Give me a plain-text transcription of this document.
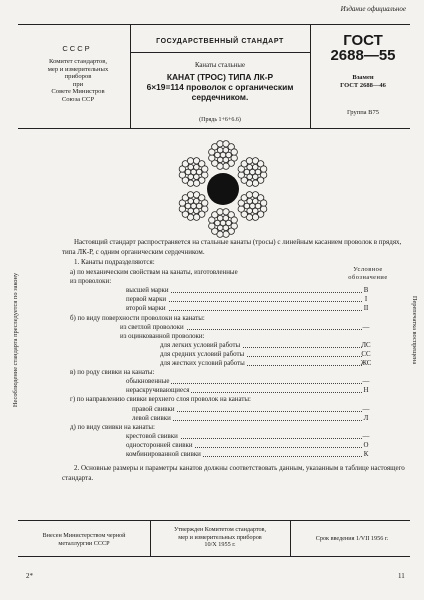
Издание официальное
СССР
Комитет стандартов,
мер и измерительных
приборов
при
Совете Министров
Союза ССР
ГОСУДАРСТВЕННЫЙ СТАНДАРТ
Канаты стальные
КАНАТ (ТРОС) ТИПА ЛК-Р
6×19=114 проволок с органическим
сердечником.
(Прядь 1+6+6.6)
ГОСТ
2688—55
Взамен
ГОСТ 2688—46
Группа В75
Несоблюдение стандарта преследуется по закону	Перепечатка воспрещена
Настоящий стандарт распространяется на стальные канаты (тросы) с линейным касанием проволок в прядях, типа ЛК-Р, с одним органическим сердечником.
1. Канаты подразделяются:
Условное
обозначение
а) по механическим свойствам на канаты, изготовленные
из проволоки:
высшей марки	В
первой марки	I
второй марки	II
б) по виду поверхности проволоки на канаты:
из светлой проволоки	—
из оцинкованной проволоки:
для легких условий работы	ЛС
для средних условий работы	СС
для жестких условий работы	ЖС
в) по роду свивки на канаты:
обыкновенные	—
нераскручивающиеся	Н
г) по направлению свивки верхнего слоя проволок на канаты:
правой свивки	—
левой свивки	Л
д) по виду свивки на канаты:
крестовой свивки	—
односторонней свивки	О
комбинированной свивки	К
2. Основные размеры и параметры канатов должны соответствовать данным, указанным в таблице настоящего стандарта.
Внесен Министерством черной
металлургии СССР
Утвержден Комитетом стандартов,
мер и измерительных приборов
10/X 1955 г.
Срок введения 1/VII 1956 г.
2*	11
